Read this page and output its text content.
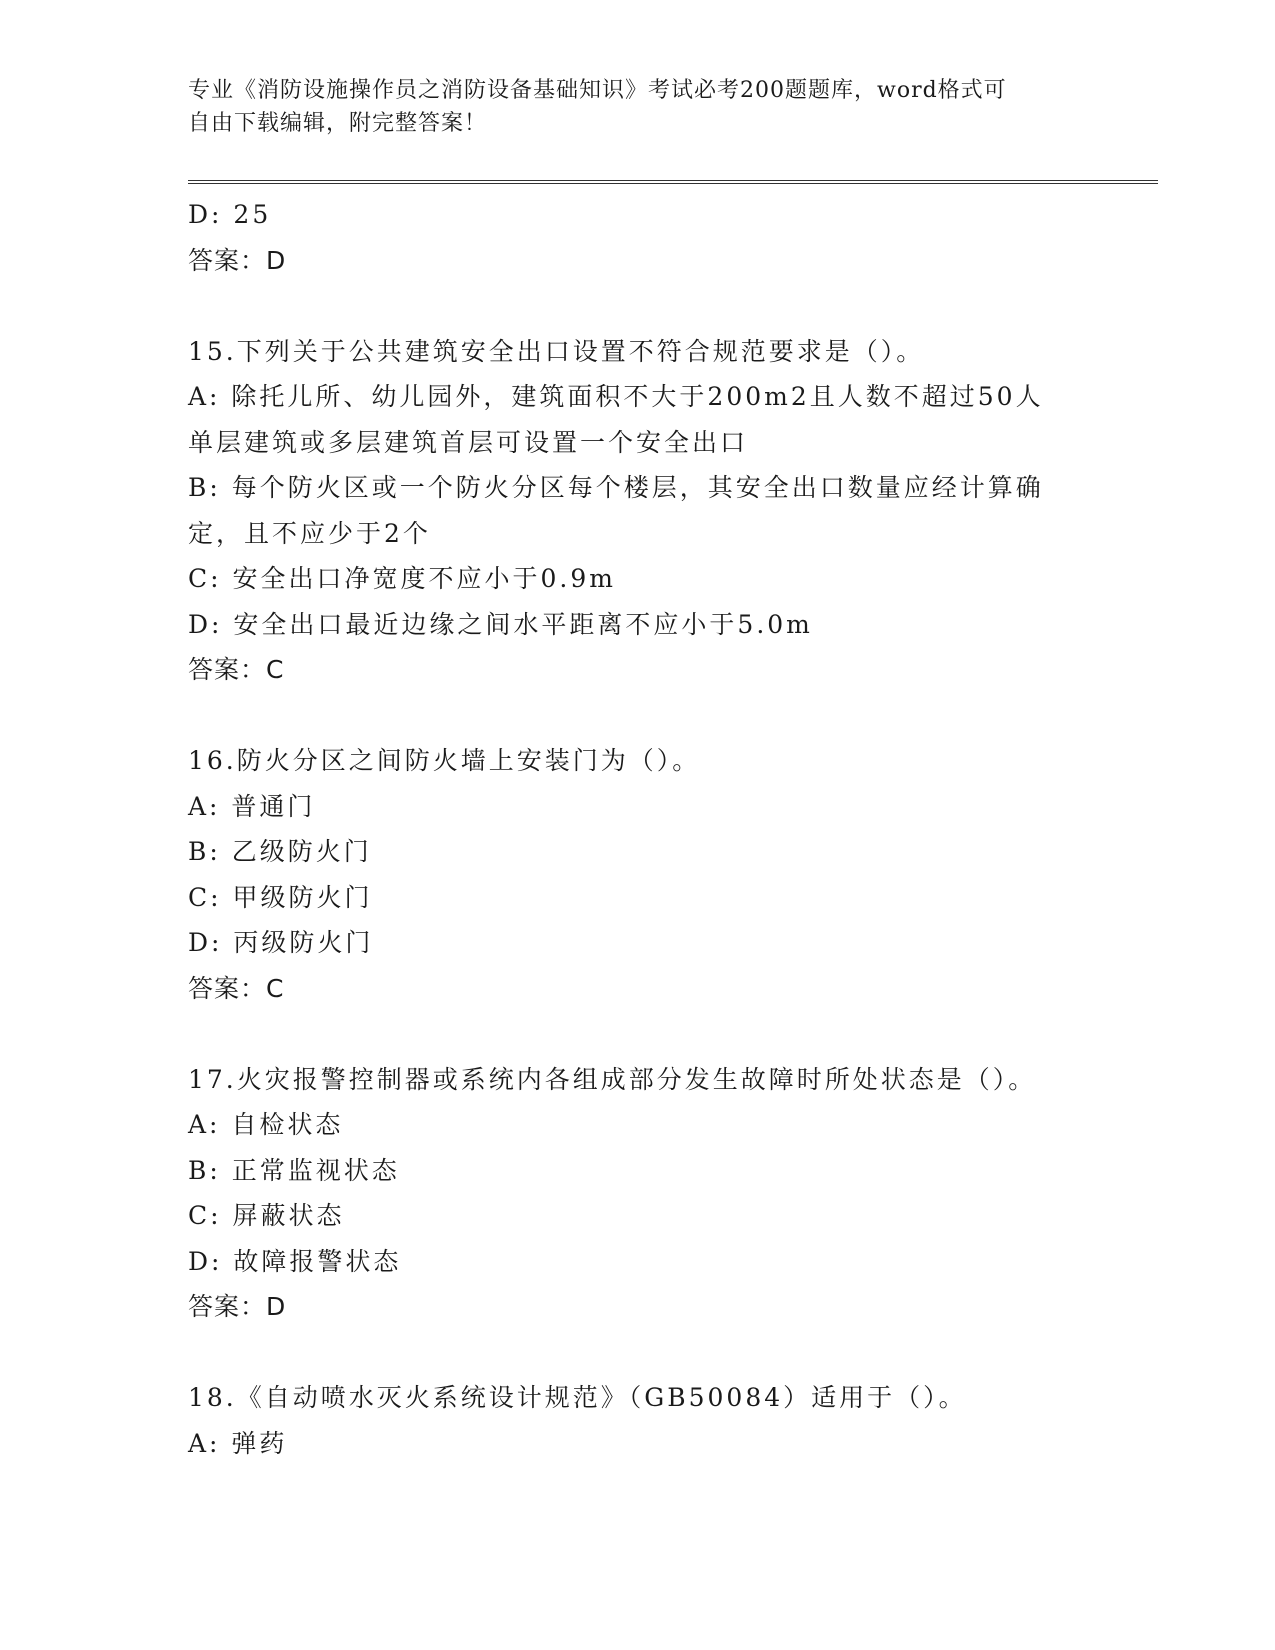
专业《消防设施操作员之消防设备基础知识》考试必考200题题库，word格式可
自由下载编辑，附完整答案！
D: 25
答案：D
15.下列关于公共建筑安全出口设置不符合规范要求是（）。
A: 除托儿所、幼儿园外，建筑面积不大于200m2且人数不超过50人
单层建筑或多层建筑首层可设置一个安全出口
B: 每个防火区或一个防火分区每个楼层，其安全出口数量应经计算确
定，且不应少于2个
C: 安全出口净宽度不应小于0.9m
D: 安全出口最近边缘之间水平距离不应小于5.0m
答案：C
16.防火分区之间防火墙上安装门为（）。
A: 普通门
B: 乙级防火门
C: 甲级防火门
D: 丙级防火门
答案：C
17.火灾报警控制器或系统内各组成部分发生故障时所处状态是（）。
A: 自检状态
B: 正常监视状态
C: 屏蔽状态
D: 故障报警状态
答案：D
18.《自动喷水灭火系统设计规范》（GB50084）适用于（）。
A: 弹药
